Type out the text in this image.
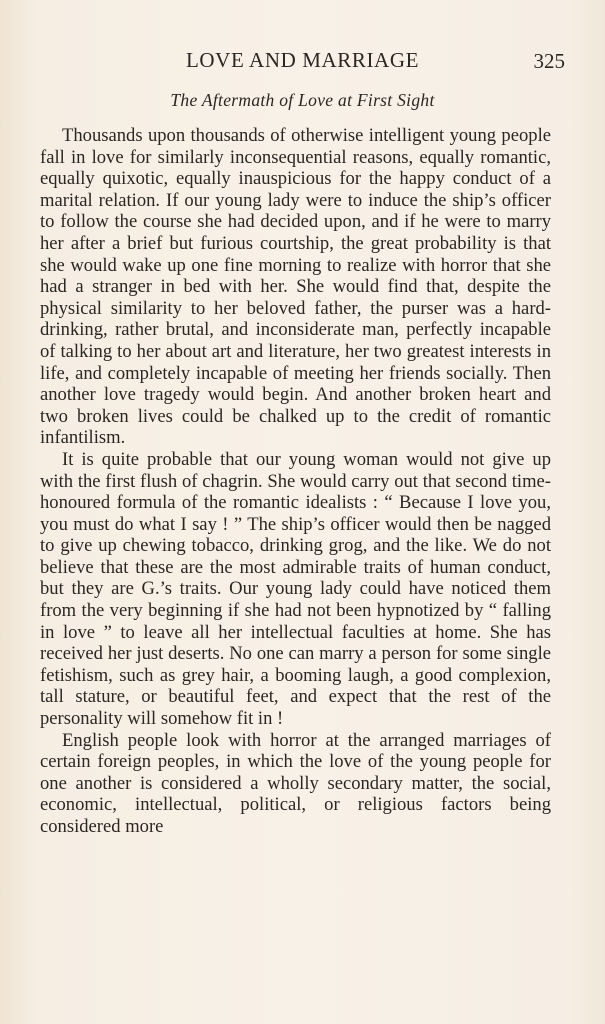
LOVE AND MARRIAGE	325
The Aftermath of Love at First Sight

Thousands upon thousands of otherwise intelligent young people fall in love for similarly inconsequential reasons, equally romantic, equally quixotic, equally inauspicious for the happy conduct of a marital relation. If our young lady were to induce the ship’s officer to follow the course she had decided upon, and if he were to marry her after a brief but furious courtship, the great probability is that she would wake up one fine morning to realize with horror that she had a stranger in bed with her. She would find that, despite the physical similarity to her beloved father, the purser was a hard-drinking, rather brutal, and inconsiderate man, perfectly incapable of talking to her about art and literature, her two greatest interests in life, and completely incapable of meeting her friends socially. Then another love tragedy would begin. And another broken heart and two broken lives could be chalked up to the credit of romantic infantilism.

It is quite probable that our young woman would not give up with the first flush of chagrin. She would carry out that second time-honoured formula of the romantic idealists : “ Because I love you, you must do what I say ! ” The ship’s officer would then be nagged to give up chewing tobacco, drinking grog, and the like. We do not believe that these are the most admirable traits of human conduct, but they are G.’s traits. Our young lady could have noticed them from the very beginning if she had not been hypnotized by “ falling in love ” to leave all her intellectual faculties at home. She has received her just deserts. No one can marry a person for some single fetishism, such as grey hair, a booming laugh, a good complexion, tall stature, or beautiful feet, and expect that the rest of the personality will somehow fit in !

English people look with horror at the arranged marriages of certain foreign peoples, in which the love of the young people for one another is considered a wholly secondary matter, the social, economic, intellectual, political, or religious factors being considered more
